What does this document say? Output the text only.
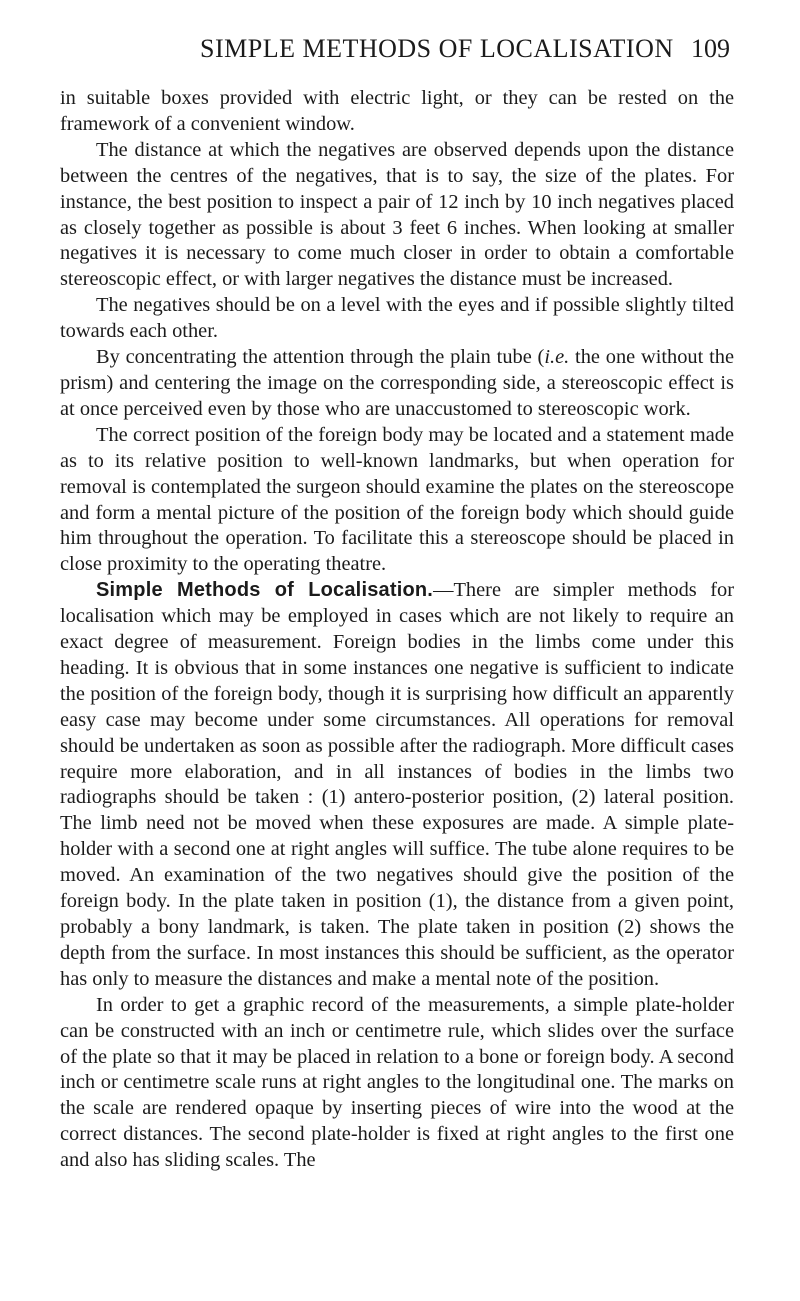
SIMPLE METHODS OF LOCALISATION 109

in suitable boxes provided with electric light, or they can be rested on the framework of a convenient window.

The distance at which the negatives are observed depends upon the distance between the centres of the negatives, that is to say, the size of the plates. For instance, the best position to inspect a pair of 12 inch by 10 inch negatives placed as closely together as possible is about 3 feet 6 inches. When looking at smaller negatives it is necessary to come much closer in order to obtain a comfortable stereoscopic effect, or with larger negatives the distance must be increased.

The negatives should be on a level with the eyes and if possible slightly tilted towards each other.

By concentrating the attention through the plain tube (i.e. the one without the prism) and centering the image on the corresponding side, a stereoscopic effect is at once perceived even by those who are unaccustomed to stereoscopic work.

The correct position of the foreign body may be located and a statement made as to its relative position to well-known landmarks, but when operation for removal is contemplated the surgeon should examine the plates on the stereoscope and form a mental picture of the position of the foreign body which should guide him throughout the operation. To facilitate this a stereoscope should be placed in close proximity to the operating theatre.

Simple Methods of Localisation.—There are simpler methods for localisation which may be employed in cases which are not likely to require an exact degree of measurement. Foreign bodies in the limbs come under this heading. It is obvious that in some instances one negative is sufficient to indicate the position of the foreign body, though it is surprising how difficult an apparently easy case may become under some circumstances. All operations for removal should be undertaken as soon as possible after the radiograph. More difficult cases require more elaboration, and in all instances of bodies in the limbs two radiographs should be taken : (1) antero-posterior position, (2) lateral position. The limb need not be moved when these exposures are made. A simple plate-holder with a second one at right angles will suffice. The tube alone requires to be moved. An examination of the two negatives should give the position of the foreign body. In the plate taken in position (1), the distance from a given point, probably a bony landmark, is taken. The plate taken in position (2) shows the depth from the surface. In most instances this should be sufficient, as the operator has only to measure the distances and make a mental note of the position.

In order to get a graphic record of the measurements, a simple plate-holder can be constructed with an inch or centimetre rule, which slides over the surface of the plate so that it may be placed in relation to a bone or foreign body. A second inch or centimetre scale runs at right angles to the longitudinal one. The marks on the scale are rendered opaque by inserting pieces of wire into the wood at the correct distances. The second plate-holder is fixed at right angles to the first one and also has sliding scales. The
